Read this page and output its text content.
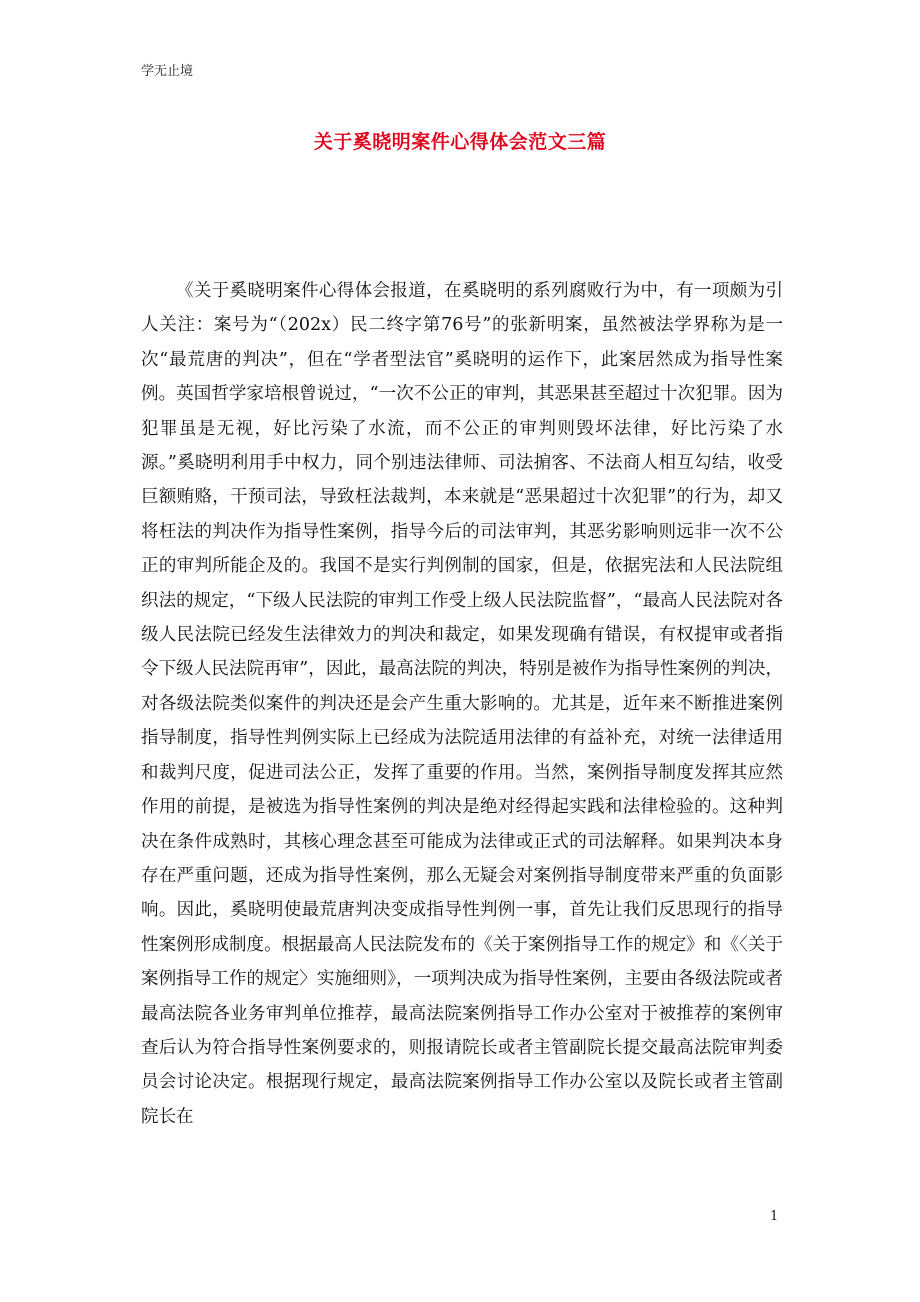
学无止境
关于奚晓明案件心得体会范文三篇

《关于奚晓明案件心得体会报道，在奚晓明的系列腐败行为中，有一项颇为引人关注：案号为“（202x）民二终字第76号”的张新明案，虽然被法学界称为是一次“最荒唐的判决”，但在“学者型法官”奚晓明的运作下，此案居然成为指导性案例。英国哲学家培根曾说过，“一次不公正的审判，其恶果甚至超过十次犯罪。因为犯罪虽是无视，好比污染了水流，而不公正的审判则毁坏法律，好比污染了水源。”奚晓明利用手中权力，同个别违法律师、司法掮客、不法商人相互勾结，收受巨额贿赂，干预司法，导致枉法裁判，本来就是“恶果超过十次犯罪”的行为，却又将枉法的判决作为指导性案例，指导今后的司法审判，其恶劣影响则远非一次不公正的审判所能企及的。我国不是实行判例制的国家，但是，依据宪法和人民法院组织法的规定，“下级人民法院的审判工作受上级人民法院监督”，“最高人民法院对各级人民法院已经发生法律效力的判决和裁定，如果发现确有错误，有权提审或者指令下级人民法院再审”，因此，最高法院的判决，特别是被作为指导性案例的判决，对各级法院类似案件的判决还是会产生重大影响的。尤其是，近年来不断推进案例指导制度，指导性判例实际上已经成为法院适用法律的有益补充，对统一法律适用和裁判尺度，促进司法公正，发挥了重要的作用。当然，案例指导制度发挥其应然作用的前提，是被选为指导性案例的判决是绝对经得起实践和法律检验的。这种判决在条件成熟时，其核心理念甚至可能成为法律或正式的司法解释。如果判决本身存在严重问题，还成为指导性案例，那么无疑会对案例指导制度带来严重的负面影响。因此，奚晓明使最荒唐判决变成指导性判例一事，首先让我们反思现行的指导性案例形成制度。根据最高人民法院发布的《关于案例指导工作的规定》和《〈关于案例指导工作的规定〉实施细则》，一项判决成为指导性案例，主要由各级法院或者最高法院各业务审判单位推荐，最高法院案例指导工作办公室对于被推荐的案例审查后认为符合指导性案例要求的，则报请院长或者主管副院长提交最高法院审判委员会讨论决定。根据现行规定，最高法院案例指导工作办公室以及院长或者主管副院长在

1
